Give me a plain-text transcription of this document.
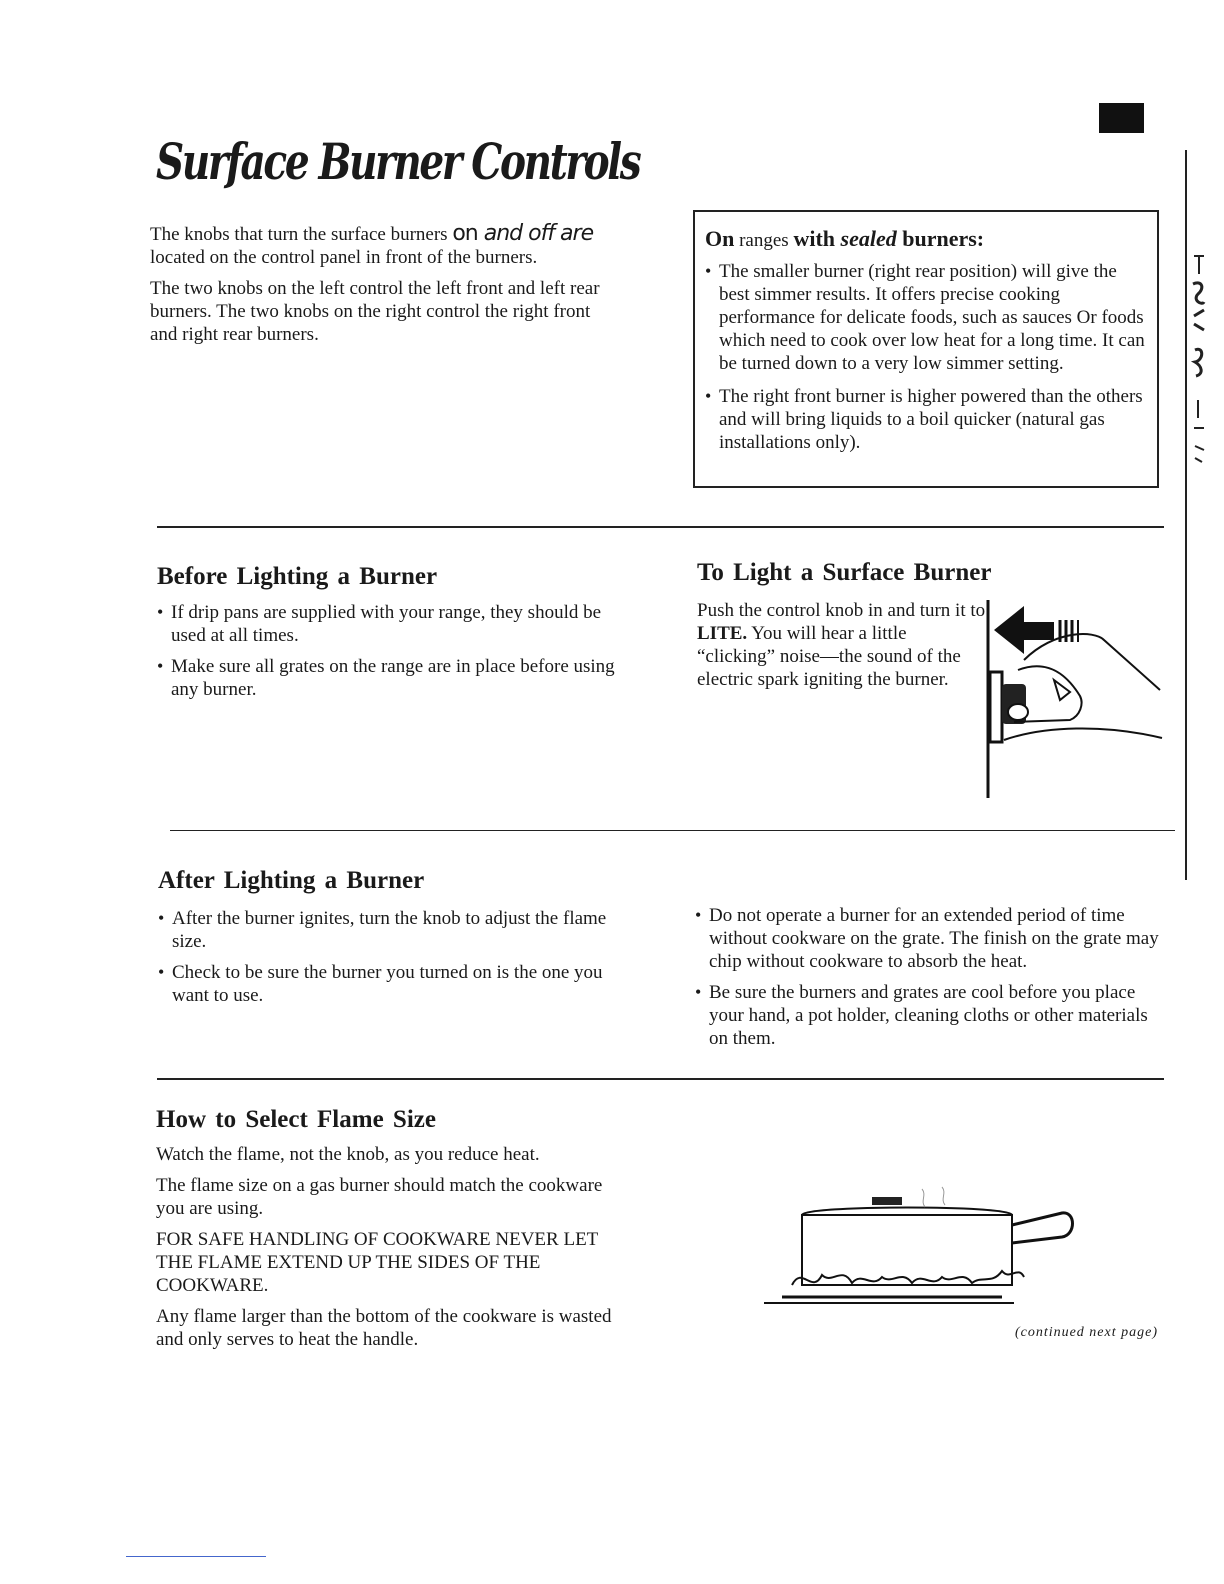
Surface Burner Controls

The knobs that turn the surface burners on and off are located on the control panel in front of the burners.

The two knobs on the left control the left front and left rear burners. The two knobs on the right control the right front and right rear burners.

On ranges with sealed burners:
• The smaller burner (right rear position) will give the best simmer results. It offers precise cooking performance for delicate foods, such as sauces Or foods which need to cook over low heat for a long time. It can be turned down to a very low simmer setting.
• The right front burner is higher powered than the others and will bring liquids to a boil quicker (natural gas installations only).
Before Lighting a Burner
• If drip pans are supplied with your range, they should be used at all times.
• Make sure all grates on the range are in place before using any burner.
To Light a Surface Burner

Push the control knob in and turn it to LITE. You will hear a little “clicking” noise—the sound of the electric spark igniting the burner.

After Lighting a Burner
• After the burner ignites, turn the knob to adjust the flame size.
• Check to be sure the burner you turned on is the one you want to use.
• Do not operate a burner for an extended period of time without cookware on the grate. The finish on the grate may chip without cookware to absorb the heat.
• Be sure the burners and grates are cool before you place your hand, a pot holder, cleaning cloths or other materials on them.
How to Select Flame Size

Watch the flame, not the knob, as you reduce heat.

The flame size on a gas burner should match the cookware you are using.

FOR SAFE HANDLING OF COOKWARE NEVER LET THE FLAME EXTEND UP THE SIDES OF THE COOKWARE.

Any flame larger than the bottom of the cookware is wasted and only serves to heat the handle.	(continued next page)
